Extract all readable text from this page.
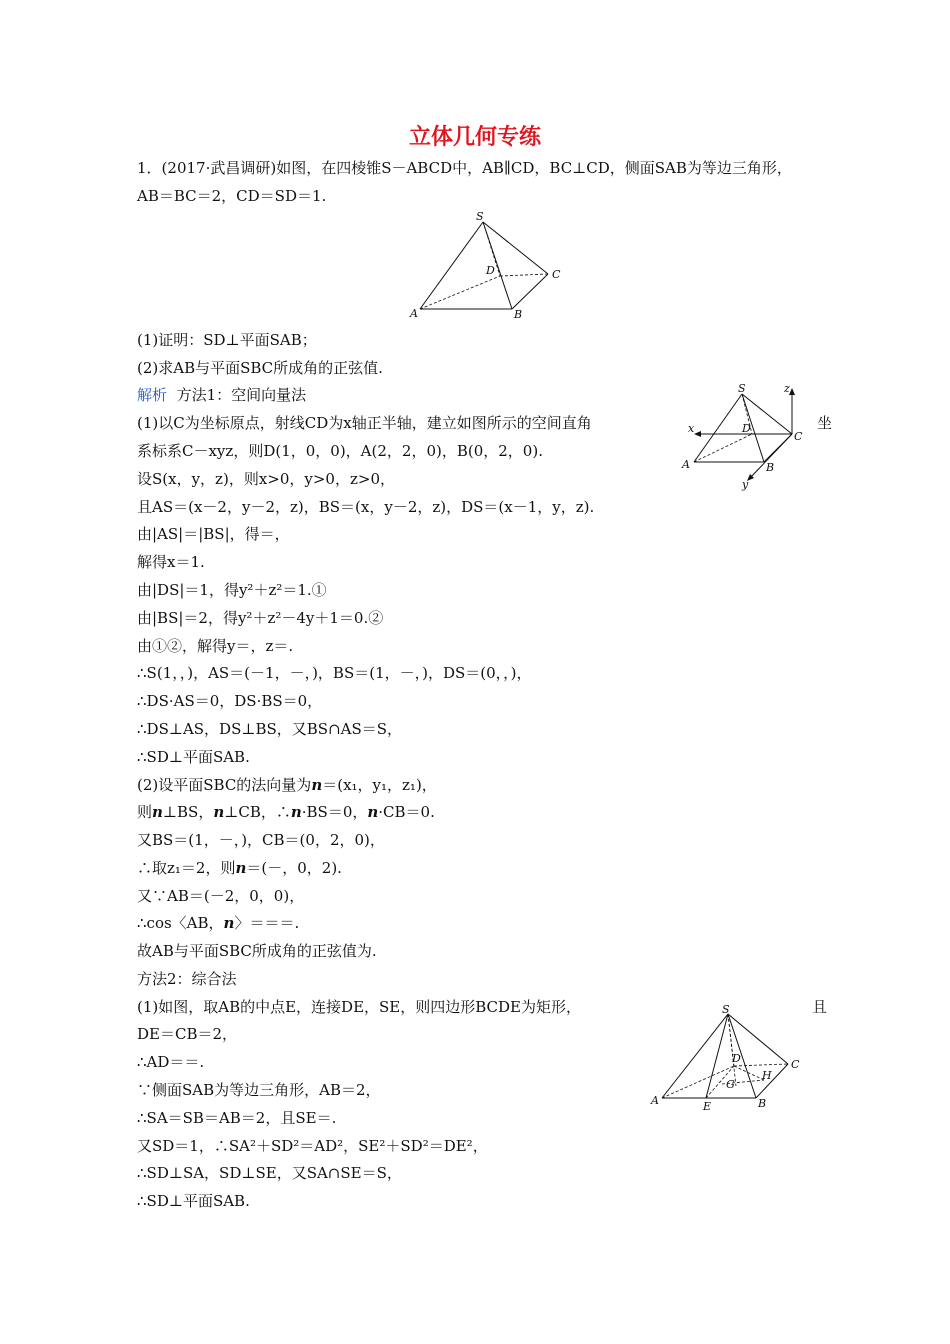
立体几何专练
1．(2017·武昌调研)如图，在四棱锥S－ABCD中，AB∥CD，BC⊥CD，侧面SAB为等边三角形，
AB＝BC＝2，CD＝SD＝1.
S
A	B
C
D
(1)证明：SD⊥平面SAB；
(2)求AB与平面SBC所成角的正弦值.
解析 方法1：空间向量法
(1)以C为坐标原点，射线CD为x轴正半轴，建立如图所示的空间直角	坐
系标系C－xyz，则D(1，0，0)，A(2，2，0)，B(0，2，0).
设S(x，y，z)，则x>0，y>0，z>0，
且AS＝(x－2，y－2，z)，BS＝(x，y－2，z)，DS＝(x－1，y，z).
由|AS|＝|BS|，得＝，
解得x＝1.
由|DS|＝1，得y²＋z²＝1.①
由|BS|＝2，得y²＋z²－4y＋1＝0.②
由①②，解得y＝，z＝.
∴S(1，，)，AS＝(－1，－，)，BS＝(1，－，)，DS＝(0，，)，
∴DS·AS＝0，DS·BS＝0，
∴DS⊥AS，DS⊥BS，又BS∩AS＝S，
∴SD⊥平面SAB.
S
A	B
C
D
x
y
z
(2)设平面SBC的法向量为n＝(x₁，y₁，z₁)，
则n⊥BS，n⊥CB，∴n·BS＝0，n·CB＝0.
又BS＝(1，－，)，CB＝(0，2，0)，
∴取z₁＝2，则n＝(－，0，2).
又∵AB＝(－2，0，0)，
∴cos〈AB，n〉＝＝＝.
故AB与平面SBC所成角的正弦值为.
方法2：综合法
(1)如图，取AB的中点E，连接DE，SE，则四边形BCDE为矩形，	且
DE＝CB＝2，
∴AD＝＝.
∵侧面SAB为等边三角形，AB＝2，
∴SA＝SB＝AB＝2，且SE＝.
又SD＝1，∴SA²＋SD²＝AD²，SE²＋SD²＝DE²，
∴SD⊥SA，SD⊥SE，又SA∩SE＝S，
∴SD⊥平面SAB.
S
A	B
C
D
E
G
H
